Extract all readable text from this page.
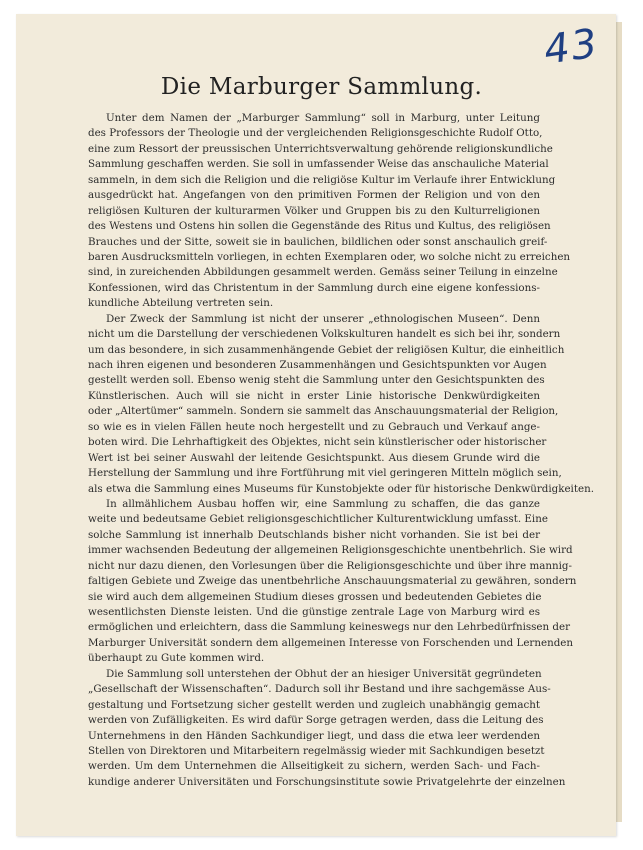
43
Die Marburger Sammlung.
Unter dem Namen der „Marburger Sammlung“ soll in Marburg, unter Leitung
des Professors der Theologie und der vergleichenden Religionsgeschichte Rudolf Otto,
eine zum Ressort der preussischen Unterrichtsverwaltung gehörende religionskundliche
Sammlung geschaffen werden. Sie soll in umfassender Weise das anschauliche Material
sammeln, in dem sich die Religion und die religiöse Kultur im Verlaufe ihrer Entwicklung
ausgedrückt hat. Angefangen von den primitiven Formen der Religion und von den
religiösen Kulturen der kulturarmen Völker und Gruppen bis zu den Kulturreligionen
des Westens und Ostens hin sollen die Gegenstände des Ritus und Kultus, des religiösen
Brauches und der Sitte, soweit sie in baulichen, bildlichen oder sonst anschaulich greif-
baren Ausdrucksmitteln vorliegen, in echten Exemplaren oder, wo solche nicht zu erreichen
sind, in zureichenden Abbildungen gesammelt werden. Gemäss seiner Teilung in einzelne
Konfessionen, wird das Christentum in der Sammlung durch eine eigene konfessions-
kundliche Abteilung vertreten sein.
Der Zweck der Sammlung ist nicht der unserer „ethnologischen Museen“. Denn
nicht um die Darstellung der verschiedenen Volkskulturen handelt es sich bei ihr, sondern
um das besondere, in sich zusammenhängende Gebiet der religiösen Kultur, die einheitlich
nach ihren eigenen und besonderen Zusammenhängen und Gesichtspunkten vor Augen
gestellt werden soll. Ebenso wenig steht die Sammlung unter den Gesichtspunkten des
Künstlerischen. Auch will sie nicht in erster Linie historische Denkwürdigkeiten
oder „Altertümer“ sammeln. Sondern sie sammelt das Anschauungsmaterial der Religion,
so wie es in vielen Fällen heute noch hergestellt und zu Gebrauch und Verkauf ange-
boten wird. Die Lehrhaftigkeit des Objektes, nicht sein künstlerischer oder historischer
Wert ist bei seiner Auswahl der leitende Gesichtspunkt. Aus diesem Grunde wird die
Herstellung der Sammlung und ihre Fortführung mit viel geringeren Mitteln möglich sein,
als etwa die Sammlung eines Museums für Kunstobjekte oder für historische Denkwürdigkeiten.
In allmählichem Ausbau hoffen wir, eine Sammlung zu schaffen, die das ganze
weite und bedeutsame Gebiet religionsgeschichtlicher Kulturentwicklung umfasst. Eine
solche Sammlung ist innerhalb Deutschlands bisher nicht vorhanden. Sie ist bei der
immer wachsenden Bedeutung der allgemeinen Religionsgeschichte unentbehrlich. Sie wird
nicht nur dazu dienen, den Vorlesungen über die Religionsgeschichte und über ihre mannig-
faltigen Gebiete und Zweige das unentbehrliche Anschauungsmaterial zu gewähren, sondern
sie wird auch dem allgemeinen Studium dieses grossen und bedeutenden Gebietes die
wesentlichsten Dienste leisten. Und die günstige zentrale Lage von Marburg wird es
ermöglichen und erleichtern, dass die Sammlung keineswegs nur den Lehrbedürfnissen der
Marburger Universität sondern dem allgemeinen Interesse von Forschenden und Lernenden
überhaupt zu Gute kommen wird.
Die Sammlung soll unterstehen der Obhut der an hiesiger Universität gegründeten
„Gesellschaft der Wissenschaften“. Dadurch soll ihr Bestand und ihre sachgemässe Aus-
gestaltung und Fortsetzung sicher gestellt werden und zugleich unabhängig gemacht
werden von Zufälligkeiten. Es wird dafür Sorge getragen werden, dass die Leitung des
Unternehmens in den Händen Sachkundiger liegt, und dass die etwa leer werdenden
Stellen von Direktoren und Mitarbeitern regelmässig wieder mit Sachkundigen besetzt
werden. Um dem Unternehmen die Allseitigkeit zu sichern, werden Sach- und Fach-
kundige anderer Universitäten und Forschungsinstitute sowie Privatgelehrte der einzelnen
